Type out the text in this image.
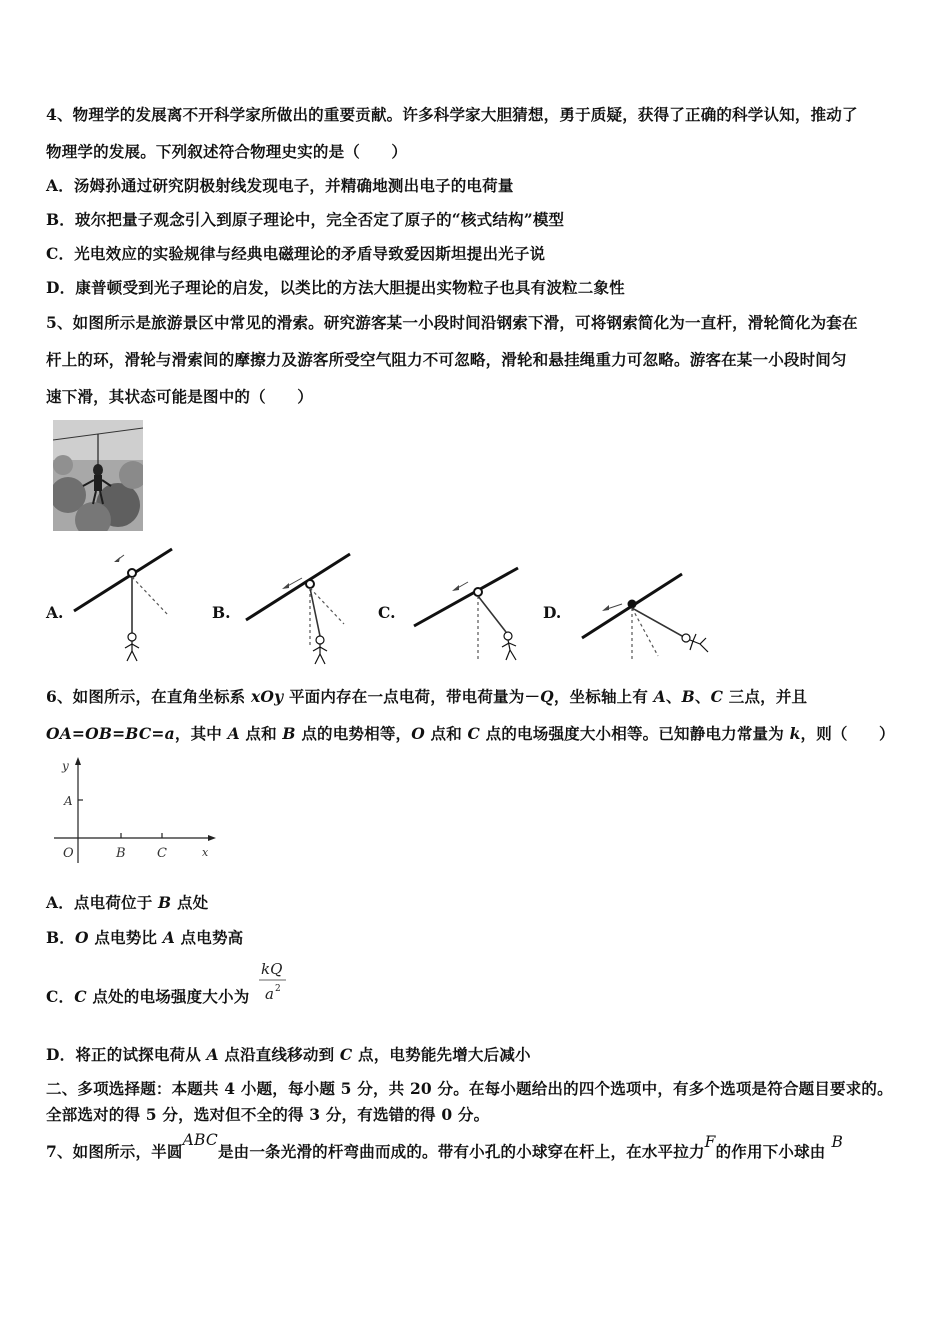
4、物理学的发展离不开科学家所做出的重要贡献。许多科学家大胆猜想，勇于质疑，获得了正确的科学认知，推动了
物理学的发展。下列叙述符合物理史实的是（　　）
A．汤姆孙通过研究阴极射线发现电子，并精确地测出电子的电荷量
B．玻尔把量子观念引入到原子理论中，完全否定了原子的“核式结构”模型
C．光电效应的实验规律与经典电磁理论的矛盾导致爱因斯坦提出光子说
D．康普顿受到光子理论的启发，以类比的方法大胆提出实物粒子也具有波粒二象性
5、如图所示是旅游景区中常见的滑索。研究游客某一小段时间沿钢索下滑，可将钢索简化为一直杆，滑轮简化为套在
杆上的环，滑轮与滑索间的摩擦力及游客所受空气阻力不可忽略，滑轮和悬挂绳重力可忽略。游客在某一小段时间匀
速下滑，其状态可能是图中的（　　）
A.	B.	C.	D.
6、如图所示，在直角坐标系 xOy 平面内存在一点电荷，带电荷量为－Q，坐标轴上有 A、B、C 三点，并且
OA=OB=BC=a，其中 A 点和 B 点的电势相等，O 点和 C 点的电场强度大小相等。已知静电力常量为 k，则（　　）
y
A
O	B C	x
A．点电荷位于 B 点处
B．O 点电势比 A 点电势高
C．C 点处的电场强度大小为
kQ
a 2
D．将正的试探电荷从 A 点沿直线移动到 C 点，电势能先增大后减小
二、多项选择题：本题共 4 小题，每小题 5 分，共 20 分。在每小题给出的四个选项中，有多个选项是符合题目要求的。
全部选对的得 5 分，选对但不全的得 3 分，有选错的得 0 分。
7、如图所示，半圆ABC是由一条光滑的杆弯曲而成的。带有小孔的小球穿在杆上，在水平拉力F的作用下小球由 B
